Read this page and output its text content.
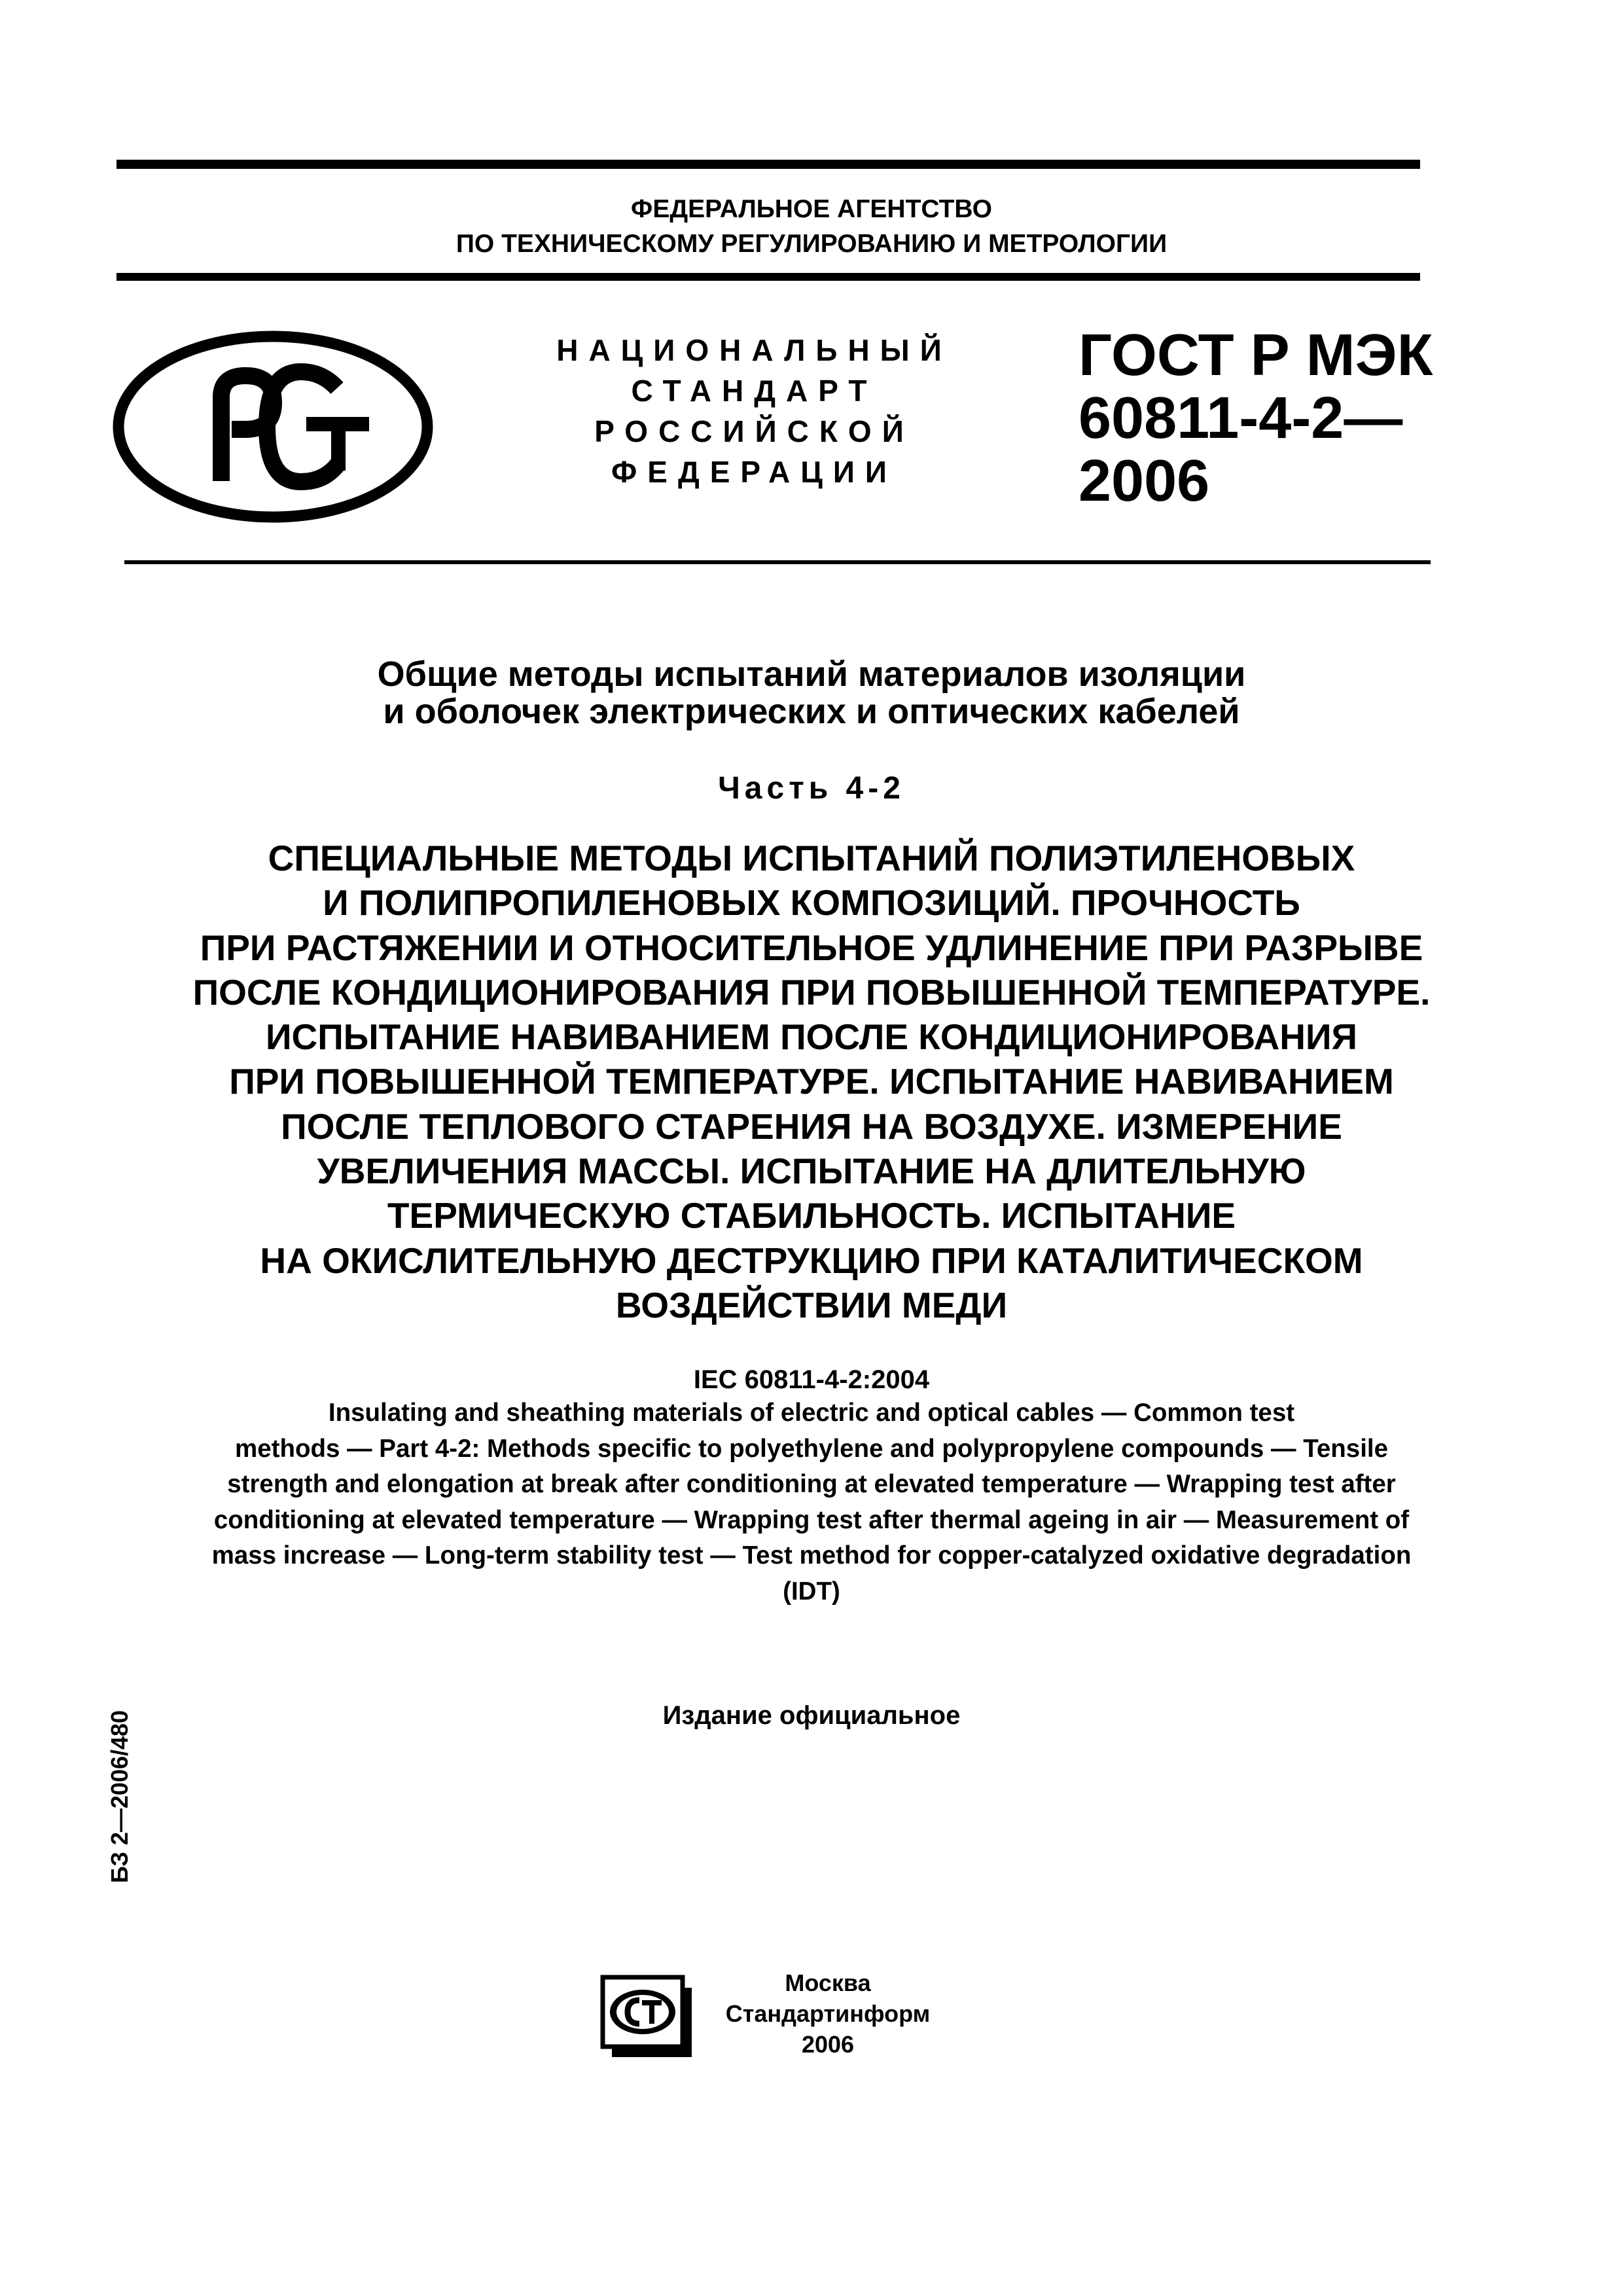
ФЕДЕРАЛЬНОЕ АГЕНТСТВО
ПО ТЕХНИЧЕСКОМУ РЕГУЛИРОВАНИЮ И МЕТРОЛОГИИ
НАЦИОНАЛЬНЫЙ
СТАНДАРТ
РОССИЙСКОЙ
ФЕДЕРАЦИИ
ГОСТ Р МЭК
60811-4-2—
2006
Общие методы испытаний материалов изоляции
и оболочек электрических и оптических кабелей
Часть 4-2
СПЕЦИАЛЬНЫЕ МЕТОДЫ ИСПЫТАНИЙ ПОЛИЭТИЛЕНОВЫХ
И ПОЛИПРОПИЛЕНОВЫХ КОМПОЗИЦИЙ. ПРОЧНОСТЬ
ПРИ РАСТЯЖЕНИИ И ОТНОСИТЕЛЬНОЕ УДЛИНЕНИЕ ПРИ РАЗРЫВЕ
ПОСЛЕ КОНДИЦИОНИРОВАНИЯ ПРИ ПОВЫШЕННОЙ ТЕМПЕРАТУРЕ.
ИСПЫТАНИЕ НАВИВАНИЕМ ПОСЛЕ КОНДИЦИОНИРОВАНИЯ
ПРИ ПОВЫШЕННОЙ ТЕМПЕРАТУРЕ. ИСПЫТАНИЕ НАВИВАНИЕМ
ПОСЛЕ ТЕПЛОВОГО СТАРЕНИЯ НА ВОЗДУХЕ. ИЗМЕРЕНИЕ
УВЕЛИЧЕНИЯ МАССЫ. ИСПЫТАНИЕ НА ДЛИТЕЛЬНУЮ
ТЕРМИЧЕСКУЮ СТАБИЛЬНОСТЬ. ИСПЫТАНИЕ
НА ОКИСЛИТЕЛЬНУЮ ДЕСТРУКЦИЮ ПРИ КАТАЛИТИЧЕСКОМ
ВОЗДЕЙСТВИИ МЕДИ
IEC 60811-4-2:2004
Insulating and sheathing materials of electric and optical cables — Common test
methods — Part 4-2: Methods specific to polyethylene and polypropylene compounds — Tensile
strength and elongation at break after conditioning at elevated temperature — Wrapping test after
conditioning at elevated temperature — Wrapping test after thermal ageing in air — Measurement of
mass increase — Long-term stability test — Test method for copper-catalyzed oxidative degradation
(IDT)
Издание официальное
БЗ 2—2006/480
Москва
Стандартинформ
2006
